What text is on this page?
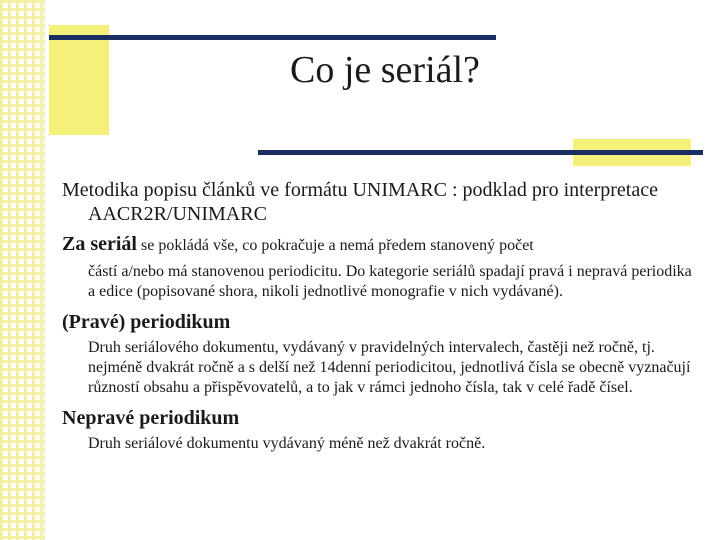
Co je seriál?

Metodika popisu článků ve formátu UNIMARC : podklad pro interpretace AACR2R/UNIMARC

Za seriál se pokládá vše, co pokračuje a nemá předem stanovený počet

částí a/nebo má stanovenou periodicitu. Do kategorie seriálů spadají pravá i nepravá periodika a edice (popisované shora, nikoli jednotlivé monografie v nich vydávané).

(Pravé) periodikum

Druh seriálového dokumentu, vydávaný v pravidelných intervalech, častěji než ročně, tj. nejméně dvakrát ročně a s delší než 14denní periodicitou, jednotlivá čísla se obecně vyznačují růzností obsahu a přispěvovatelů, a to jak v rámci jednoho čísla, tak v celé řadě čísel.

Nepravé periodikum

Druh seriálové dokumentu vydávaný méně než dvakrát ročně.
